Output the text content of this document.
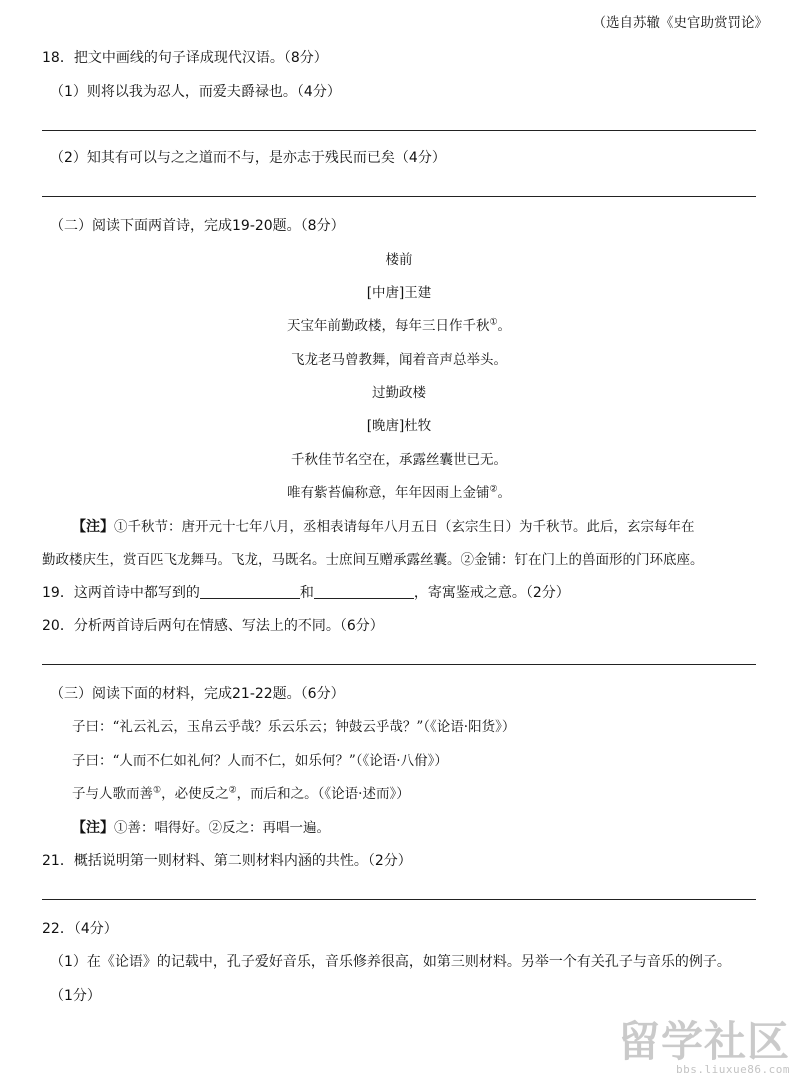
（选自苏辙《史官助赏罚论》
18．把文中画线的句子译成现代汉语。（8分）
（1）则将以我为忍人，而爱夫爵禄也。（4分）
（2）知其有可以与之之道而不与，是亦志于残民而已矣（4分）
（二）阅读下面两首诗，完成19-20题。（8分）
楼前
[中唐]王建
天宝年前勤政楼，每年三日作千秋①。
飞龙老马曾教舞，闻着音声总举头。
过勤政楼
[晚唐]杜牧
千秋佳节名空在，承露丝囊世已无。
唯有紫苔偏称意，年年因雨上金铺②。
【注】①千秋节：唐开元十七年八月，丞相表请每年八月五日（玄宗生日）为千秋节。此后，玄宗每年在
勤政楼庆生，赏百匹飞龙舞马。飞龙，马既名。士庶间互赠承露丝囊。②金铺：钉在门上的兽面形的门环底座。
19．这两首诗中都写到的	和	，寄寓鉴戒之意。（2分）
20．分析两首诗后两句在情感、写法上的不同。（6分）
（三）阅读下面的材料，完成21-22题。（6分）
子曰：“礼云礼云，玉帛云乎哉？乐云乐云；钟鼓云乎哉？”（《论语·阳货》）
子曰：“人而不仁如礼何？人而不仁，如乐何？”（《论语·八佾》）
子与人歌而善①，必使反之②，而后和之。（《论语·述而》）
【注】①善：唱得好。②反之：再唱一遍。
21．概括说明第一则材料、第二则材料内涵的共性。（2分）
22．（4分）
（1）在《论语》的记载中，孔子爱好音乐，音乐修养很高，如第三则材料。另举一个有关孔子与音乐的例子。
（1分）
留学社区
bbs.liuxue86.com
